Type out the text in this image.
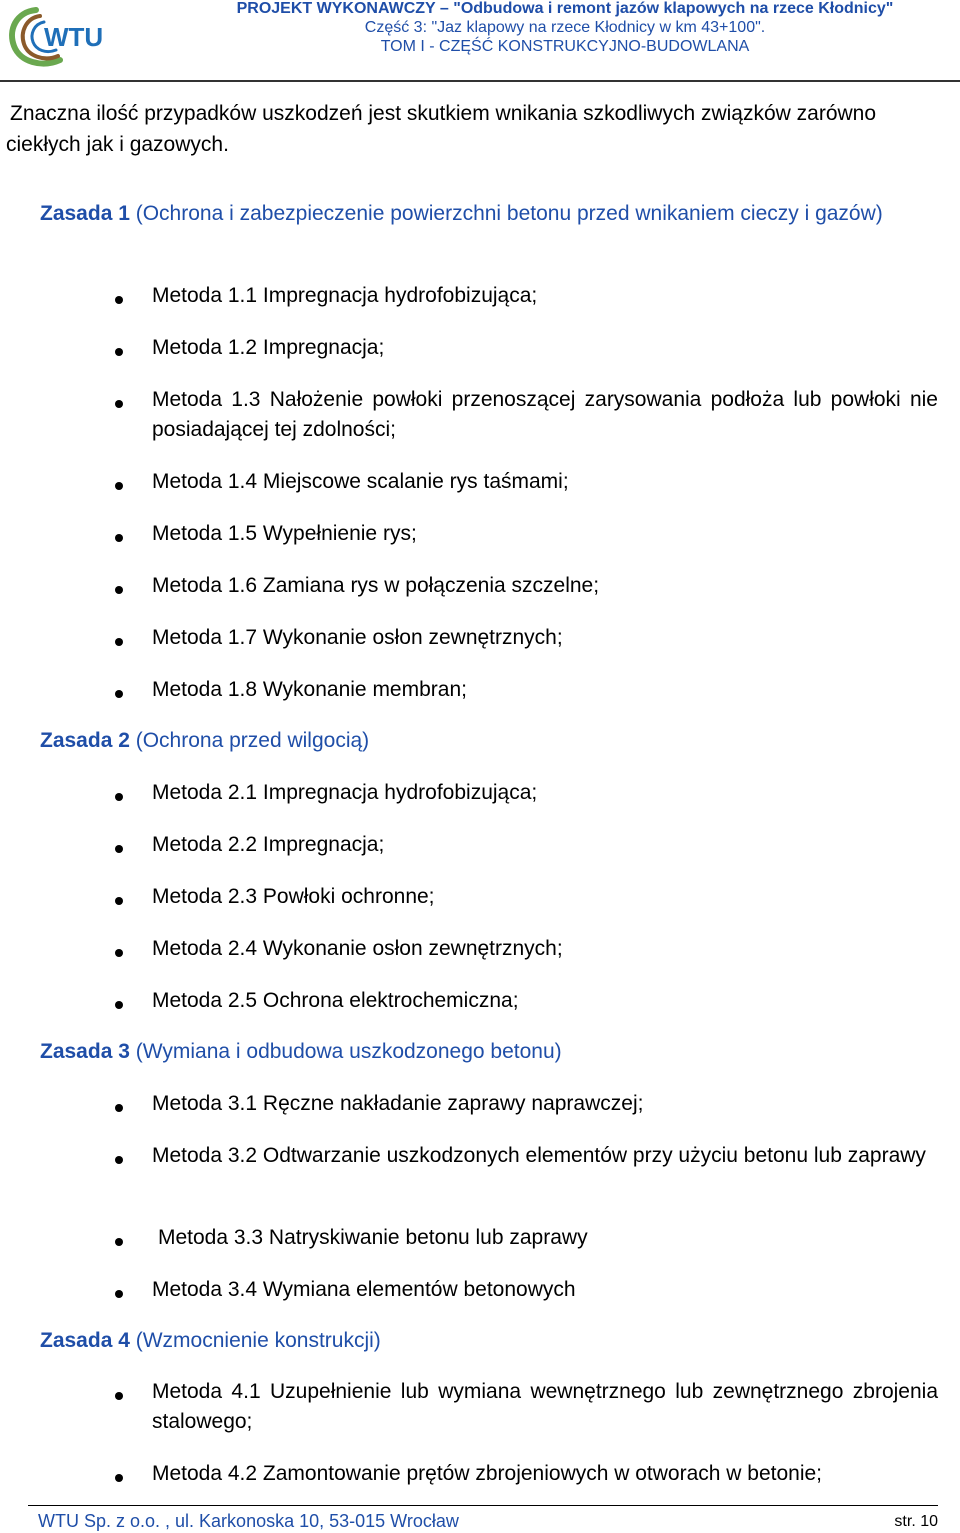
WTU
PROJEKT WYKONAWCZY – "Odbudowa i remont jazów klapowych na rzece Kłodnicy"
Część 3: "Jaz klapowy na rzece Kłodnicy w km 43+100".
TOM I - CZĘŚĆ KONSTRUKCYJNO-BUDOWLANA
Znaczna ilość przypadków uszkodzeń jest skutkiem wnikania szkodliwych związków zarówno ciekłych jak i gazowych.
Zasada 1 (Ochrona i zabezpieczenie powierzchni betonu przed wnikaniem cieczy i gazów)
Metoda 1.1 Impregnacja hydrofobizująca;
Metoda 1.2 Impregnacja;
Metoda 1.3 Nałożenie powłoki przenoszącej zarysowania podłoża lub powłoki nie posiadającej tej zdolności;
Metoda 1.4 Miejscowe scalanie rys taśmami;
Metoda 1.5 Wypełnienie rys;
Metoda 1.6 Zamiana rys w połączenia szczelne;
Metoda 1.7 Wykonanie osłon zewnętrznych;
Metoda 1.8 Wykonanie membran;
Zasada 2 (Ochrona przed wilgocią)
Metoda 2.1 Impregnacja hydrofobizująca;
Metoda 2.2 Impregnacja;
Metoda 2.3 Powłoki ochronne;
Metoda 2.4 Wykonanie osłon zewnętrznych;
Metoda 2.5 Ochrona elektrochemiczna;
Zasada 3 (Wymiana i odbudowa uszkodzonego betonu)
Metoda 3.1 Ręczne nakładanie zaprawy naprawczej;
Metoda 3.2 Odtwarzanie uszkodzonych elementów przy użyciu betonu lub zaprawy
Metoda 3.3 Natryskiwanie betonu lub zaprawy
Metoda 3.4 Wymiana elementów betonowych
Zasada 4 (Wzmocnienie konstrukcji)
Metoda 4.1 Uzupełnienie lub wymiana wewnętrznego lub zewnętrznego zbrojenia stalowego;
Metoda 4.2 Zamontowanie prętów zbrojeniowych w otworach w betonie;
WTU Sp. z o.o. , ul. Karkonoska 10, 53-015 Wrocław	str. 10
